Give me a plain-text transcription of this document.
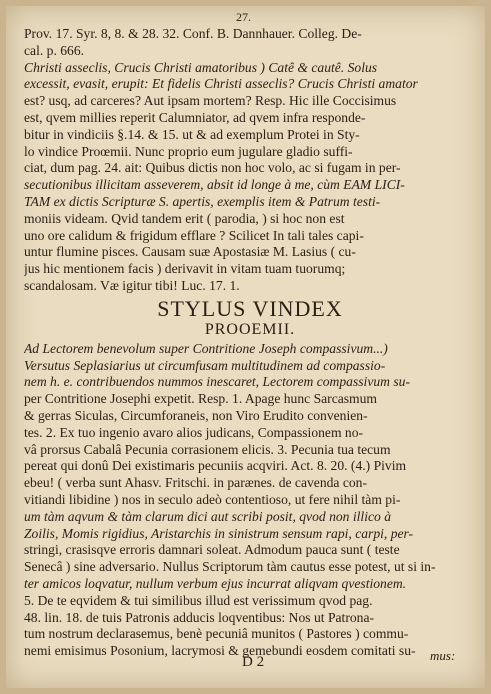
27.
Prov. 17. Syr. 8, 8. & 28. 32. Conf. B. Dannhauer. Colleg. De-
cal. p. 666.
Christi asseclis, Crucis Christi amatoribus ) Catê & cautê. Solus
excessit, evasit, erupit: Et fidelis Christi asseclis? Crucis Christi amator
est? usq, ad carceres? Aut ipsam mortem? Resp. Hic ille Coccisimus
est, qvem millies reperit Calumniator, ad qvem infra responde-
bitur in vindiciis §.14. & 15. ut & ad exemplum Protei in Sty-
lo vindice Proœmii. Nunc proprio eum jugulare gladio suffi-
ciat, dum pag. 24. ait: Quibus dictis non hoc volo, ac si fugam in per-
secutionibus illicitam asseverem, absit id longe à me, cùm EAM LICI-
TAM ex dictis Scripturæ S. apertis, exemplis item & Patrum testi-
moniis videam. Qvid tandem erit ( parodia, ) si hoc non est
uno ore calidum & frigidum efflare ? Scilicet In tali tales capi-
untur flumine pisces. Causam suæ Apostasiæ M. Lasius ( cu-
jus hic mentionem facis ) derivavit in vitam tuam tuorumq;
scandalosam. Væ igitur tibi! Luc. 17. 1.
STYLUS VINDEX
PROOEMII.
Ad Lectorem benevolum super Contritione Joseph compassivum...)
Versutus Seplasiarius ut circumfusam multitudinem ad compassio-
nem h. e. contribuendos nummos inescaret, Lectorem compassivum su-
per Contritione Josephi expetit. Resp. 1. Apage hunc Sarcasmum
& gerras Siculas, Circumforaneis, non Viro Erudito convenien-
tes. 2. Ex tuo ingenio avaro alios judicans, Compassionem no-
vâ prorsus Cabalâ Pecunia corrasionem elicis. 3. Pecunia tua tecum
pereat qui donû Dei existimaris pecuniis acqviri. Act. 8. 20. (4.) Pivim
ebeu! ( verba sunt Ahasv. Fritschi. in parænes. de cavenda con-
vitiandi libidine ) nos in seculo adeò contentioso, ut fere nihil tàm pi-
um tàm aqvum & tàm clarum dici aut scribi posit, qvod non illico à
Zoilis, Momis rigidius, Aristarchis in sinistrum sensum rapi, carpi, per-
stringi, crasisqve erroris damnari soleat. Admodum pauca sunt ( teste
Senecâ ) sine adversario. Nullus Scriptorum tàm cautus esse potest, ut si in-
ter amicos loqvatur, nullum verbum ejus incurrat aliqvam qvestionem.
5. De te eqvidem & tui similibus illud est verissimum qvod pag.
48. lin. 18. de tuis Patronis adducis loqventibus: Nos ut Patrona-
tum nostrum declarasemus, benè pecuniâ munitos ( Pastores ) commu-
nemi emisimus Posonium, lacrymosi & gemebundi eosdem comitati su-	mus:
D 2
